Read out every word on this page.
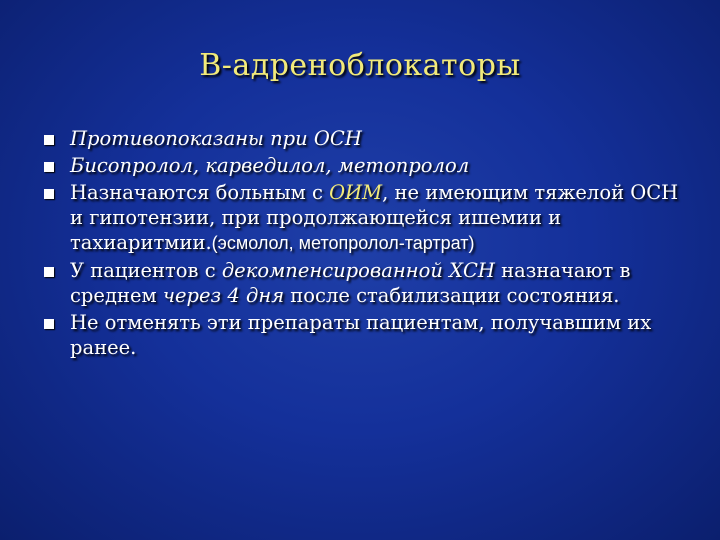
В-адреноблокаторы
Противопоказаны при ОСН
Бисопролол, карведилол, метопролол
Назначаются больным с ОИМ, не имеющим тяжелой ОСН и гипотензии, при продолжающейся ишемии и тахиаритмии.(эсмолол, метопролол-тартрат)
У пациентов с декомпенсированной ХСН назначают в среднем через 4 дня после стабилизации состояния.
Не отменять эти препараты пациентам, получавшим их ранее.
